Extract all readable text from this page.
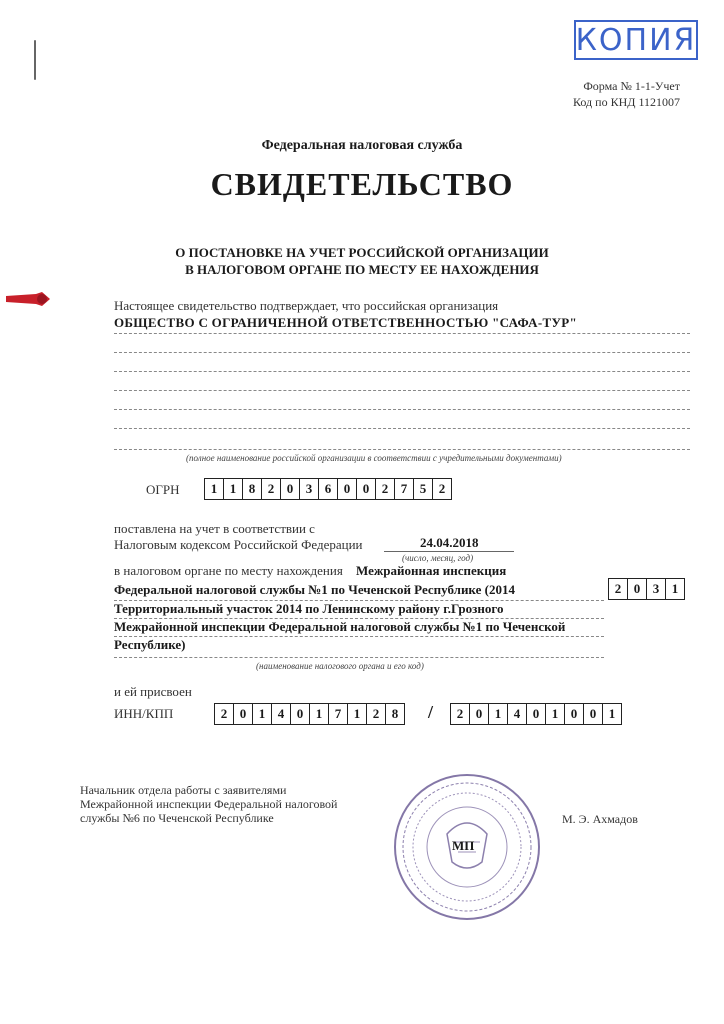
КОПИЯ
Форма № 1-1-Учет
Код по КНД 1121007
Федеральная налоговая служба
СВИДЕТЕЛЬСТВО
О ПОСТАНОВКЕ НА УЧЕТ РОССИЙСКОЙ ОРГАНИЗАЦИИ
В НАЛОГОВОМ ОРГАНЕ ПО МЕСТУ ЕЕ НАХОЖДЕНИЯ
Настоящее свидетельство подтверждает, что российская организация
ОБЩЕСТВО С ОГРАНИЧЕННОЙ ОТВЕТСТВЕННОСТЬЮ "САФА-ТУР"
(полное наименование российской организации в соответствии с учредительными документами)
ОГРН	1 1 8 2 0 3 6 0 0 2 7 5 2
поставлена на учет в соответствии с
Налоговым кодексом Российской Федерации	24.04.2018
(число, месяц, год)
в налоговом органе по месту нахождения Межрайонная инспекция
Федеральной налоговой службы №1 по Чеченской Республике (2014	2 0 3 1
Территориальный участок 2014 по Ленинскому району г.Грозного
Межрайонной инспекции Федеральной налоговой службы №1 по Чеченской
Республике)
(наименование налогового органа и его код)
и ей присвоен
ИНН/КПП	2 0 1 4 0 1 7 1 2 8	/	2 0 1 4 0 1 0 0 1
Начальник отдела работы с заявителями
Межрайонной инспекции Федеральной налоговой
службы №6 по Чеченской Республике
МП
М. Э. Ахмадов
